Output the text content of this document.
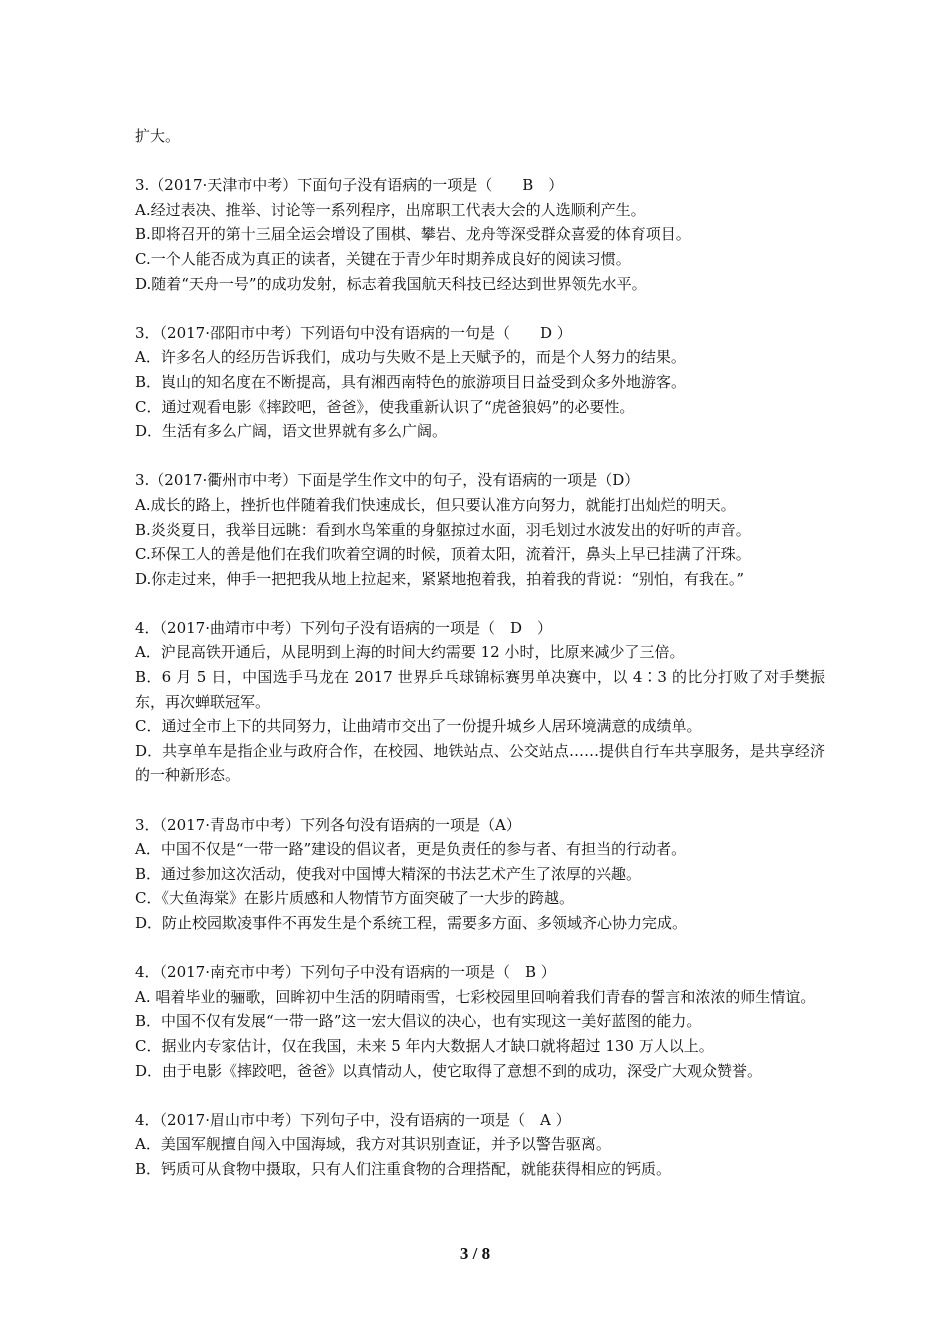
扩大。

3.（2017·天津市中考）下面句子没有语病的一项是（　　B　）

A.经过表决、推举、讨论等一系列程序，出席职工代表大会的人选顺利产生。

B.即将召开的第十三届全运会增设了围棋、攀岩、龙舟等深受群众喜爱的体育项目。

C.一个人能否成为真正的读者，关键在于青少年时期养成良好的阅读习惯。

D.随着“天舟一号”的成功发射，标志着我国航天科技已经达到世界领先水平。

3．（2017·邵阳市中考）下列语句中没有语病的一句是（　　D ）

A．许多名人的经历告诉我们，成功与失败不是上天赋予的，而是个人努力的结果。

B．崀山的知名度在不断提高，具有湘西南特色的旅游项目日益受到众多外地游客。

C．通过观看电影《摔跤吧，爸爸》，使我重新认识了“虎爸狼妈”的必要性。

D．生活有多么广阔，语文世界就有多么广阔。

3.（2017·衢州市中考）下面是学生作文中的句子，没有语病的一项是（D）

A.成长的路上，挫折也伴随着我们快速成长，但只要认准方向努力，就能打出灿烂的明天。

B.炎炎夏日，我举目远眺：看到水鸟笨重的身躯掠过水面，羽毛划过水波发出的好听的声音。

C.环保工人的善是他们在我们吹着空调的时候，顶着太阳，流着汗，鼻头上早已挂满了汗珠。

D.你走过来，伸手一把把我从地上拉起来，紧紧地抱着我，拍着我的背说：“别怕，有我在。”

4．（2017·曲靖市中考）下列句子没有语病的一项是（　D　）

A．沪昆高铁开通后，从昆明到上海的时间大约需要 12 小时，比原来减少了三倍。

B．6 月 5 日，中国选手马龙在 2017 世界乒乓球锦标赛男单决赛中，以 4∶3 的比分打败了对手樊振东，再次蝉联冠军。

C．通过全市上下的共同努力，让曲靖市交出了一份提升城乡人居环境满意的成绩单。

D．共享单车是指企业与政府合作，在校园、地铁站点、公交站点……提供自行车共享服务，是共享经济的一种新形态。

3．（2017·青岛市中考）下列各句没有语病的一项是（A）

A．中国不仅是“一带一路”建设的倡议者，更是负责任的参与者、有担当的行动者。

B．通过参加这次活动，使我对中国博大精深的书法艺术产生了浓厚的兴趣。

C．《大鱼海棠》在影片质感和人物情节方面突破了一大步的跨越。

D．防止校园欺凌事件不再发生是个系统工程，需要多方面、多领域齐心协力完成。

4．（2017·南充市中考）下列句子中没有语病的一项是（　B ）

A. 唱着毕业的骊歌，回眸初中生活的阴晴雨雪，七彩校园里回响着我们青春的誓言和浓浓的师生情谊。

B．中国不仅有发展“一带一路”这一宏大倡议的决心，也有实现这一美好蓝图的能力。

C．据业内专家估计，仅在我国，未来 5 年内大数据人才缺口就将超过 130 万人以上。

D．由于电影《摔跤吧，爸爸》以真情动人，使它取得了意想不到的成功，深受广大观众赞誉。

4．（2017·眉山市中考）下列句子中，没有语病的一项是（　A ）

A．美国军舰擅自闯入中国海域，我方对其识别查证，并予以警告驱离。

B．钙质可从食物中摄取，只有人们注重食物的合理搭配，就能获得相应的钙质。

3 / 8
